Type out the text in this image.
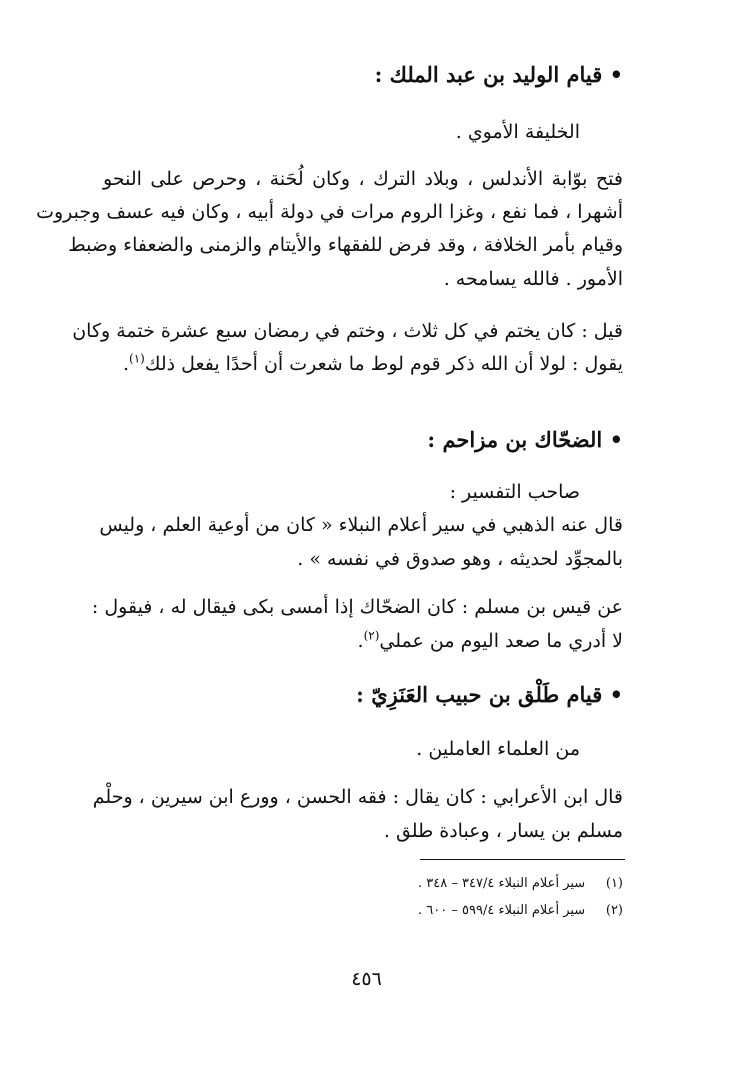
• قيام الوليد بن عبد الملك :
الخليفة الأموي .
فتح بوّابة الأندلس ، وبلاد الترك ، وكان لُحَنة ، وحرص على النحو
أشهرا ، فما نفع ، وغزا الروم مرات في دولة أبيه ، وكان فيه عسف وجبروت
وقيام بأمر الخلافة ، وقد فرض للفقهاء والأيتام والزمنى والضعفاء وضبط
الأمور . فالله يسامحه .
قيل : كان يختم في كل ثلاث ، وختم في رمضان سبع عشرة ختمة وكان
يقول : لولا أن الله ذكر قوم لوط ما شعرت أن أحدًا يفعل ذلك$^{(١)}$.
• الضحّاك بن مزاحم :
صاحب التفسير :
قال عنه الذهبي في سير أعلام النبلاء « كان من أوعية العلم ، وليس
بالمجوِّد لحديثه ، وهو صدوق في نفسه » .
عن قيس بن مسلم : كان الضحّاك إذا أمسى بكى فيقال له ، فيقول :
لا أدري ما صعد اليوم من عملي$^{(٢)}$.
• قيام طَلْق بن حبيب العَنَزِيّ :
من العلماء العاملين .
قال ابن الأعرابي : كان يقال : فقه الحسن ، وورع ابن سيرين ، وحلْم
مسلم بن يسار ، وعبادة طلق .
(١)     سير أعلام النبلاء ٣٤٧/٤ – ٣٤٨ .
(٢)     سير أعلام النبلاء ٥٩٩/٤ – ٦٠٠ .
٤٥٦
